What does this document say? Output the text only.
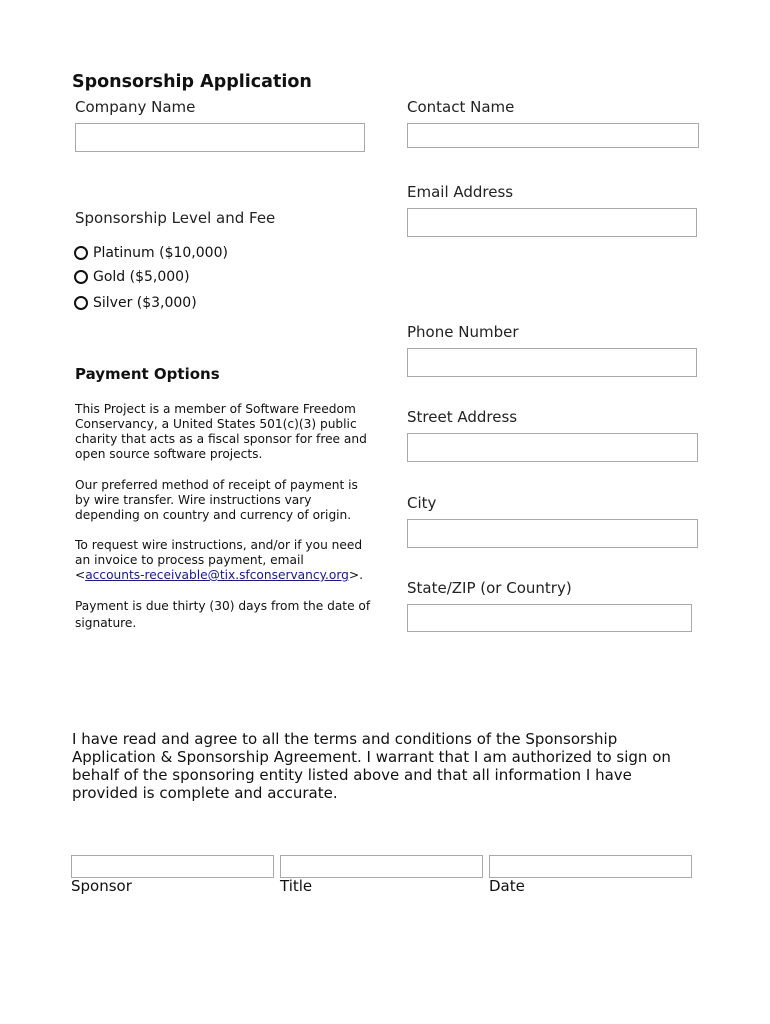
Sponsorship Application
Company Name
Sponsorship Level and Fee
Platinum ($10,000)
Gold ($5,000)
Silver ($3,000)
Payment Options

This Project is a member of Software Freedom Conservancy, a United States 501(c)(3) public charity that acts as a fiscal sponsor for free and open source software projects.

Our preferred method of receipt of payment is by wire transfer. Wire instructions vary depending on country and currency of origin.

To request wire instructions, and/or if you need an invoice to process payment, email <accounts-receivable@tix.sfconservancy.org>.

Payment is due thirty (30) days from the date of signature.

Contact Name
Email Address
Phone Number
Street Address
City
State/ZIP (or Country)

I have read and agree to all the terms and conditions of the Sponsorship Application & Sponsorship Agreement. I warrant that I am authorized to sign on behalf of the sponsoring entity listed above and that all information I have provided is complete and accurate.

Sponsor	Title	Date
